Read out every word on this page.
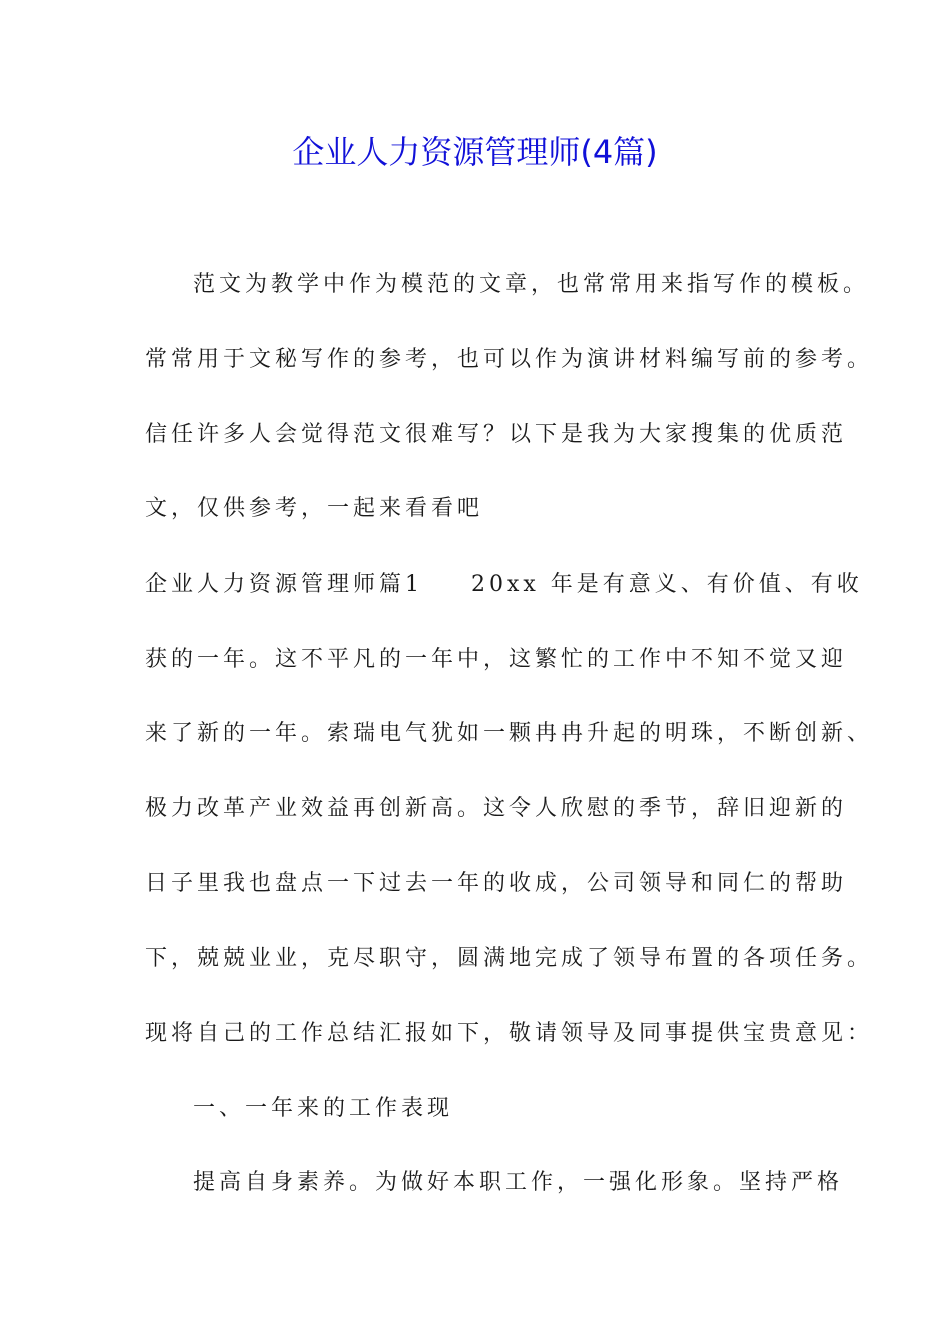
企业人力资源管理师(4篇)
范文为教学中作为模范的文章，也常常用来指写作的模板。
常常用于文秘写作的参考，也可以作为演讲材料编写前的参考。
信任许多人会觉得范文很难写？以下是我为大家搜集的优质范
文，仅供参考，一起来看看吧
企业人力资源管理师篇1 20xx 年是有意义、有价值、有收
获的一年。这不平凡的一年中，这繁忙的工作中不知不觉又迎
来了新的一年。索瑞电气犹如一颗冉冉升起的明珠，不断创新、
极力改革产业效益再创新高。这令人欣慰的季节，辞旧迎新的
日子里我也盘点一下过去一年的收成，公司领导和同仁的帮助
下，兢兢业业，克尽职守，圆满地完成了领导布置的各项任务。
现将自己的工作总结汇报如下，敬请领导及同事提供宝贵意见：
一、一年来的工作表现
提高自身素养。为做好本职工作，一强化形象。坚持严格
